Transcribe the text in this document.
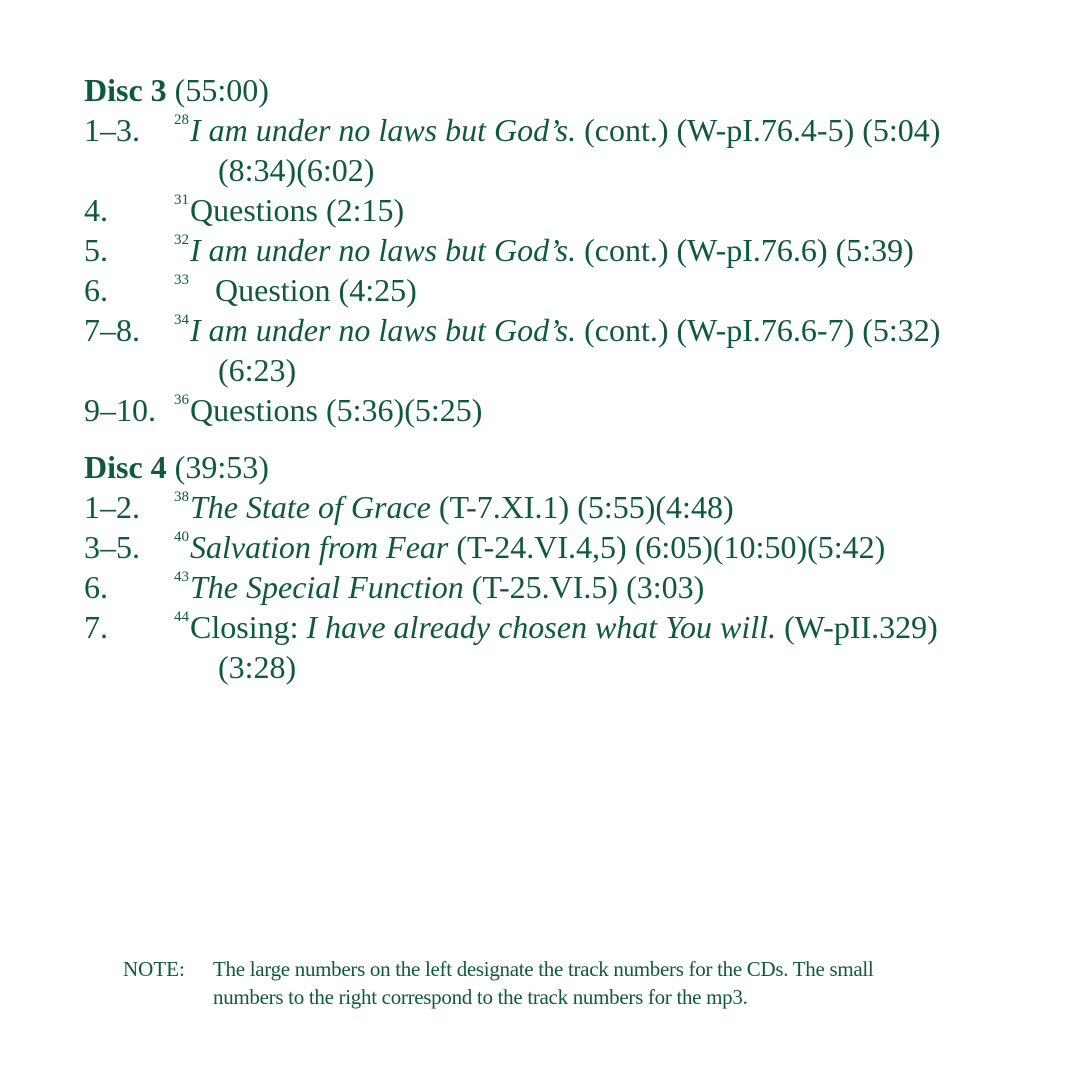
Disc 3 (55:00)
1–3. $^{28}$I am under no laws but God’s. (cont.) (W-pI.76.4-5) (5:04)
(8:34)(6:02)
4.	$^{31}$Questions (2:15)
5.	$^{32}$I am under no laws but God’s. (cont.) (W-pI.76.6) (5:39)
6.	$^{33}$ Question (4:25)
7–8. $^{34}$I am under no laws but God’s. (cont.) (W-pI.76.6-7) (5:32)
(6:23)
9–10. $^{36}$Questions (5:36)(5:25)
Disc 4 (39:53)
1–2. $^{38}$The State of Grace (T-7.XI.1) (5:55)(4:48)
3–5. $^{40}$Salvation from Fear (T-24.VI.4,5) (6:05)(10:50)(5:42)
6.	$^{43}$The Special Function (T-25.VI.5) (3:03)
7.	$^{44}$Closing: I have already chosen what You will. (W-pII.329)
(3:28)
NOTE: The large numbers on the left designate the track numbers for the CDs. The small numbers to the right correspond to the track numbers for the mp3.
